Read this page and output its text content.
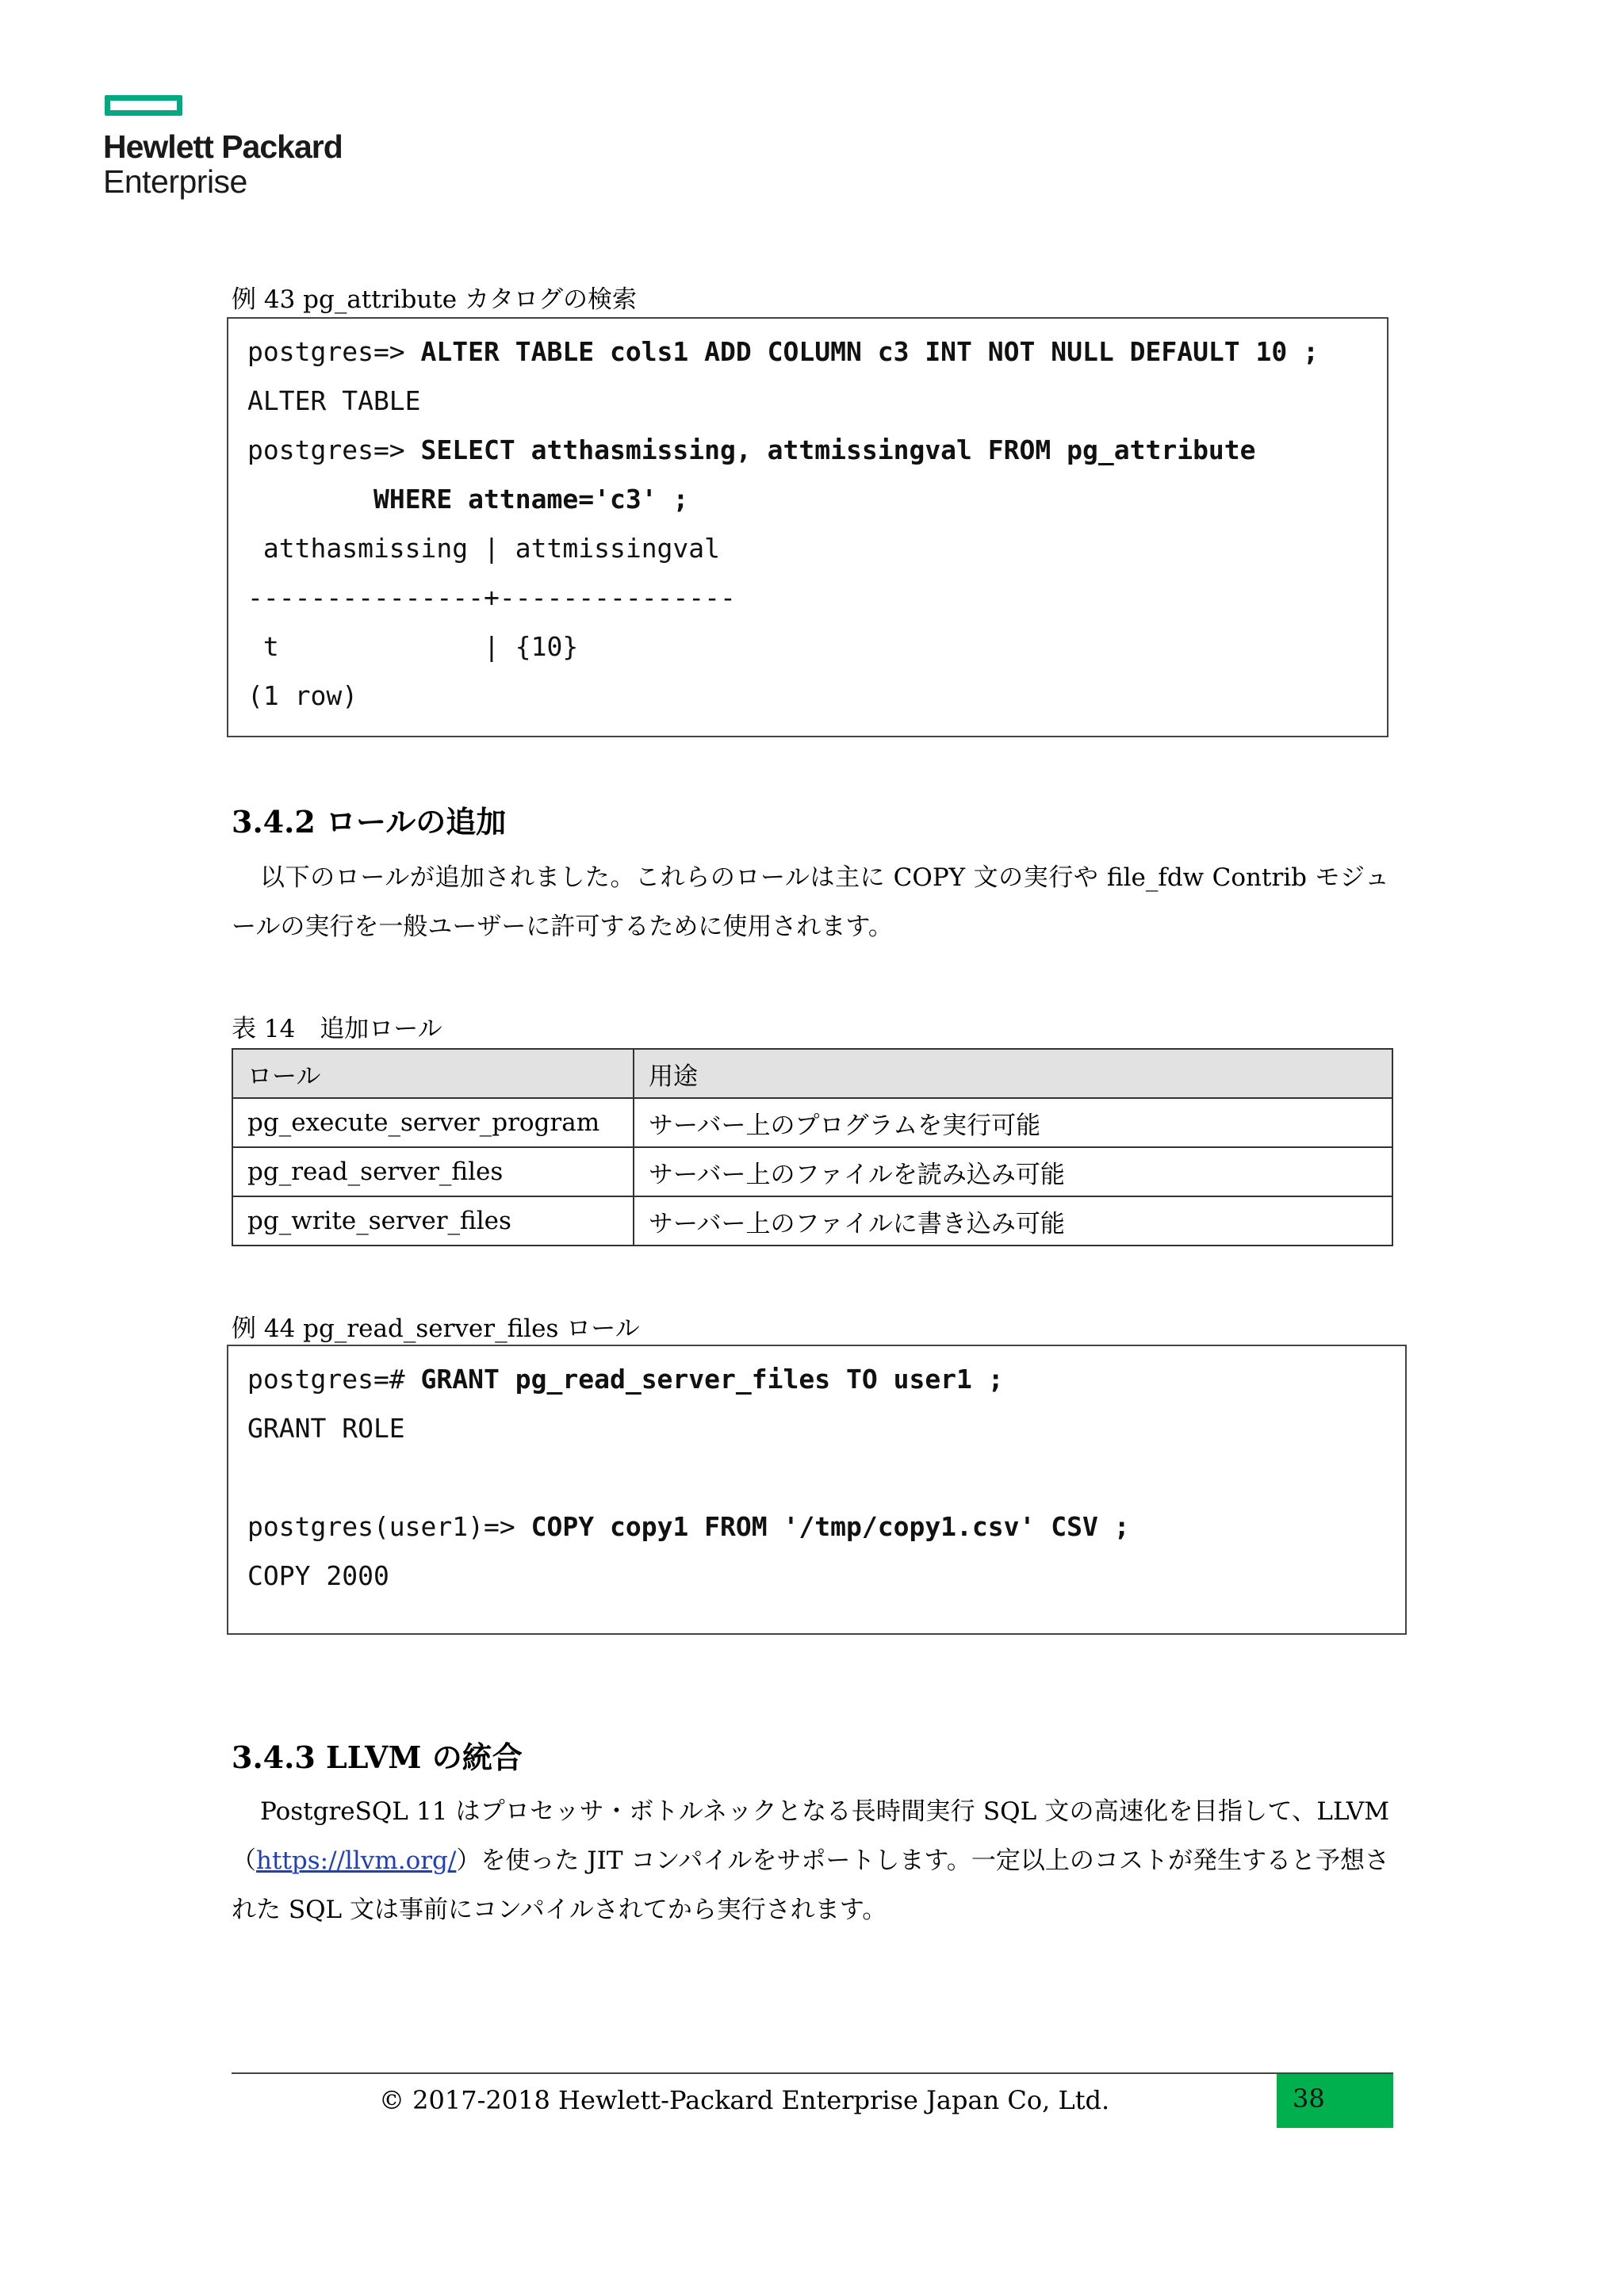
Hewlett Packard
Enterprise
例 43 pg_attribute カタログの検索
postgres=> ALTER TABLE cols1 ADD COLUMN c3 INT NOT NULL DEFAULT 10 ;
ALTER TABLE
postgres=> SELECT atthasmissing, attmissingval FROM pg_attribute
WHERE attname='c3' ;
atthasmissing | attmissingval
---------------+---------------
t             | {10}
(1 row)
3.4.2 ロールの追加
以下のロールが追加されました。これらのロールは主に COPY 文の実行や file_fdw Contrib モジュールの実行を一般ユーザーに許可するために使用されます。
表 14　追加ロール
ロール	用途
pg_execute_server_program	サーバー上のプログラムを実行可能
pg_read_server_files	サーバー上のファイルを読み込み可能
pg_write_server_files	サーバー上のファイルに書き込み可能
例 44 pg_read_server_files ロール
postgres=# GRANT pg_read_server_files TO user1 ;
GRANT ROLE
postgres(user1)=> COPY copy1 FROM '/tmp/copy1.csv' CSV ;
COPY 2000
3.4.3 LLVM の統合
PostgreSQL 11 はプロセッサ・ボトルネックとなる長時間実行 SQL 文の高速化を目指して、LLVM（https://llvm.org/）を使った JIT コンパイルをサポートします。一定以上のコストが発生すると予想された SQL 文は事前にコンパイルされてから実行されます。
© 2017-2018 Hewlett-Packard Enterprise Japan Co, Ltd.	38
